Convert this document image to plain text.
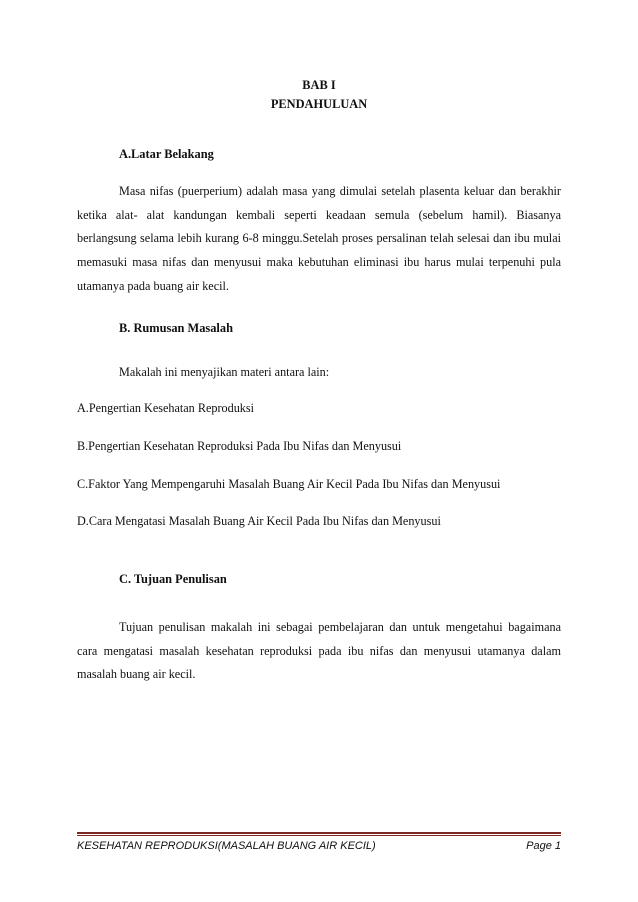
BAB I
PENDAHULUAN
A.Latar Belakang
Masa nifas (puerperium) adalah masa yang dimulai setelah plasenta keluar dan berakhir ketika alat- alat kandungan kembali seperti keadaan semula (sebelum hamil). Biasanya berlangsung selama lebih kurang 6-8 minggu.Setelah proses persalinan telah selesai dan ibu mulai memasuki masa nifas dan menyusui maka kebutuhan eliminasi ibu harus mulai terpenuhi pula utamanya pada buang air kecil.
B. Rumusan Masalah
Makalah ini menyajikan materi antara lain:
A.Pengertian Kesehatan Reproduksi
B.Pengertian Kesehatan Reproduksi Pada Ibu Nifas dan Menyusui
C.Faktor Yang Mempengaruhi Masalah Buang Air Kecil Pada Ibu Nifas dan Menyusui
D.Cara Mengatasi Masalah Buang Air Kecil Pada Ibu Nifas dan Menyusui
C. Tujuan Penulisan
Tujuan penulisan makalah ini sebagai pembelajaran dan untuk mengetahui bagaimana cara mengatasi masalah kesehatan reproduksi pada ibu nifas dan menyusui utamanya dalam masalah buang air kecil.
KESEHATAN REPRODUKSI(MASALAH BUANG AIR KECIL)	Page 1
